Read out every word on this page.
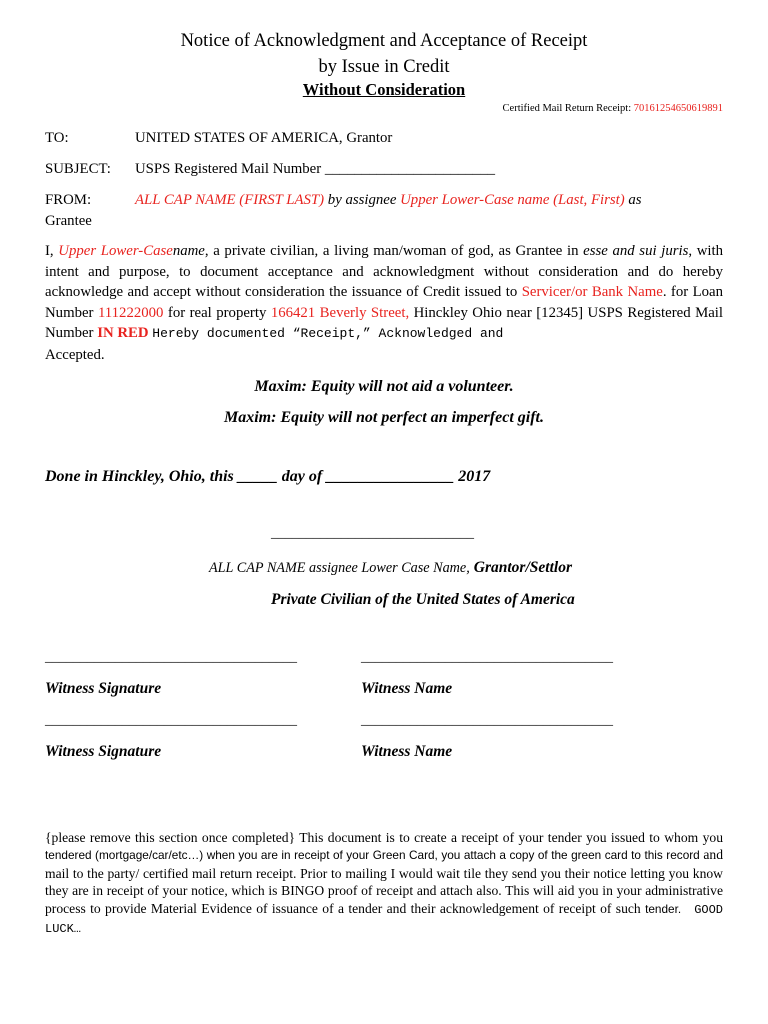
Notice of Acknowledgment and Acceptance of Receipt
by Issue in Credit
Without Consideration
Certified Mail Return Receipt: 70161254650619891
TO:	UNITED STATES OF AMERICA, Grantor
SUBJECT: USPS Registered Mail Number _______________________
FROM:	ALL CAP NAME (FIRST LAST) by assignee Upper Lower-Case name (Last, First) as
Grantee
I, Upper Lower-Casename, a private civilian, a living man/woman of god, as Grantee in esse and sui juris, with intent and purpose, to document acceptance and acknowledgment without consideration and do hereby acknowledge and accept without consideration the issuance of Credit issued to Servicer/or Bank Name. for Loan Number 111222000 for real property 166421 Beverly Street, Hinckley Ohio near [12345] USPS Registered Mail Number IN RED Hereby documented “Receipt,” Acknowledged and
Accepted.
Maxim: Equity will not aid a volunteer.
Maxim: Equity will not perfect an imperfect gift.
Done in Hinckley, Ohio, this _____ day of ________________ 2017
_____________________________
ALL CAP NAME assignee Lower Case Name, Grantor/Settlor
Private Civilian of the United States of America
____________________________________	____________________________________
Witness Signature	Witness Name
____________________________________	____________________________________
Witness Signature	Witness Name
{please remove this section once completed} This document is to create a receipt of your tender you issued to whom you tendered (mortgage/car/etc…) when you are in receipt of your Green Card, you attach a copy of the green card to this record and mail to the party/ certified mail return receipt. Prior to mailing I would wait tile they send you their notice letting you know they are in receipt of your notice, which is BINGO proof of receipt and attach also. This will aid you in your administrative process to provide Material Evidence of issuance of a tender and their acknowledgement of receipt of such tender. GOOD LUCK…
